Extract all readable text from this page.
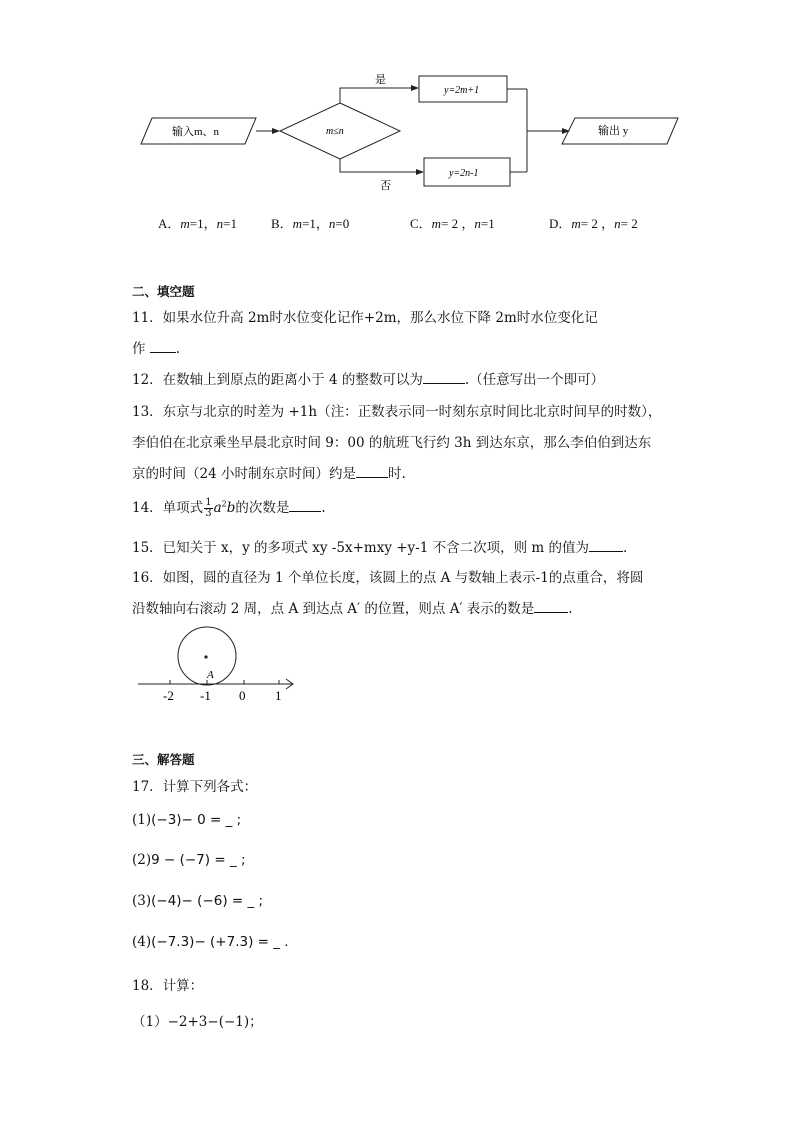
输入m、n	m≤n
是
y=2m+1
否
y=2n-1
输出 y
A．m=1，n=1	B．m=1，n=0	C．m= 2 ，n=1	D．m= 2 ，n= 2
二、填空题
11．如果水位升高 2m时水位变化记作+2m，那么水位下降 2m时水位变化记
作 .
12．在数轴上到原点的距离小于 4 的整数可以为	.（任意写出一个即可）
13．东京与北京的时差为 +1h（注：正数表示同一时刻东京时间比北京时间早的时数），
李伯伯在北京乘坐早晨北京时间 9：00 的航班飞行约 3h 到达东京，那么李伯伯到达东
京的时间（24 小时制东京时间）约是 时.
14．单项式 $\frac{1}{3} a^2b$的次数是 .
15．已知关于 x，y 的多项式 xy -5x+mxy +y-1 不含二次项，则 m 的值为	.
16．如图，圆的直径为 1 个单位长度，该圆上的点 A 与数轴上表示-1的点重合，将圆
沿数轴向右滚动 2 周，点 A 到达点 A′ 的位置，则点 A′ 表示的数是	.
A
-2 -1 0 1
三、解答题
17．计算下列各式：
(1)(−3)− 0 = _ ;
(2)9 − (−7) = _ ;
(3)(−4)− (−6) = _ ;
(4)(−7.3)− (+7.3) = _ .
18．计算：
（1）−2+3−(−1)；
